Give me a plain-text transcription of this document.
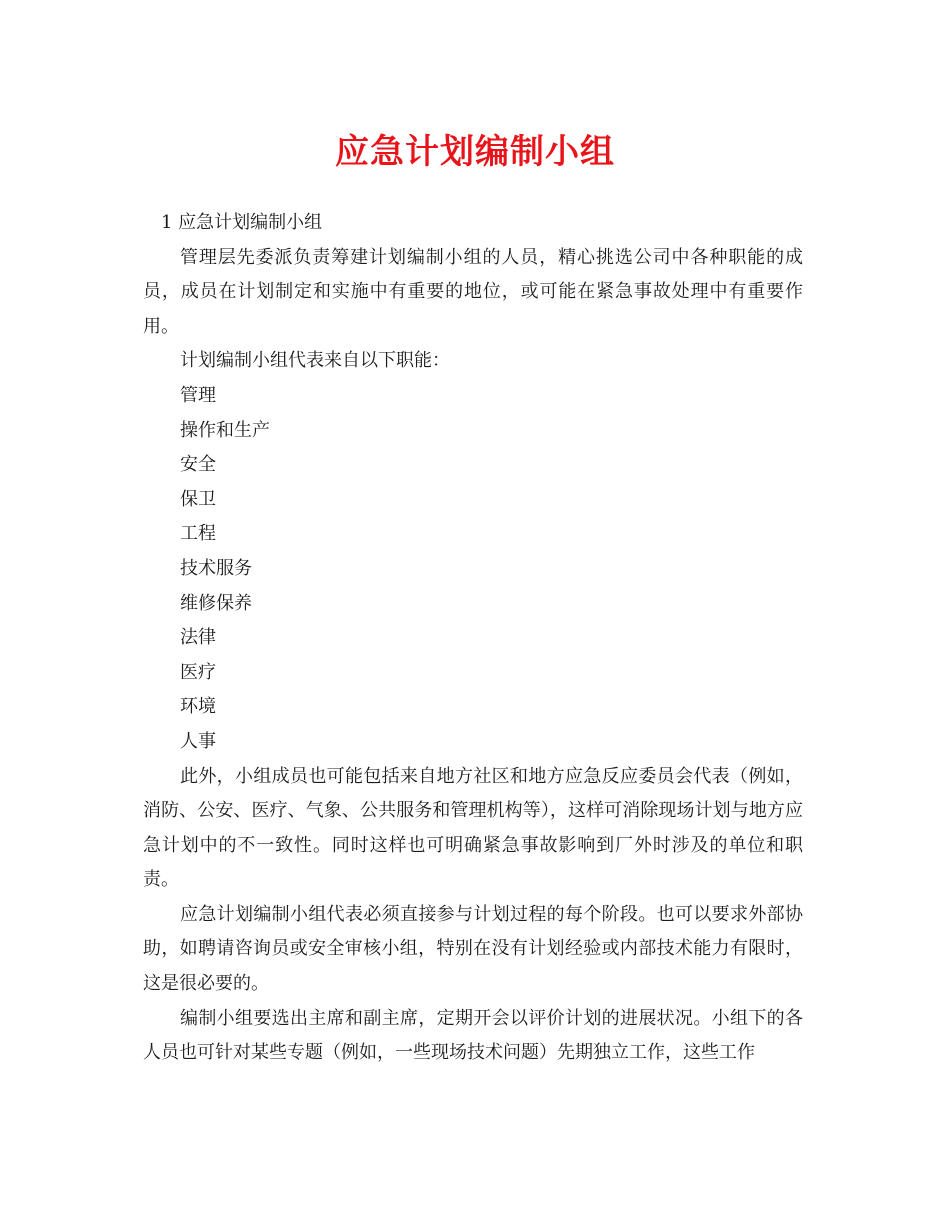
应急计划编制小组

1 应急计划编制小组

管理层先委派负责筹建计划编制小组的人员，精心挑选公司中各种职能的成员，成员在计划制定和实施中有重要的地位，或可能在紧急事故处理中有重要作用。

计划编制小组代表来自以下职能：

管理

操作和生产

安全

保卫

工程

技术服务

维修保养

法律

医疗

环境

人事

此外，小组成员也可能包括来自地方社区和地方应急反应委员会代表（例如，消防、公安、医疗、气象、公共服务和管理机构等），这样可消除现场计划与地方应急计划中的不一致性。同时这样也可明确紧急事故影响到厂外时涉及的单位和职责。

应急计划编制小组代表必须直接参与计划过程的每个阶段。也可以要求外部协助，如聘请咨询员或安全审核小组，特别在没有计划经验或内部技术能力有限时，这是很必要的。

编制小组要选出主席和副主席，定期开会以评价计划的进展状况。小组下的各人员也可针对某些专题（例如，一些现场技术问题）先期独立工作，这些工作
